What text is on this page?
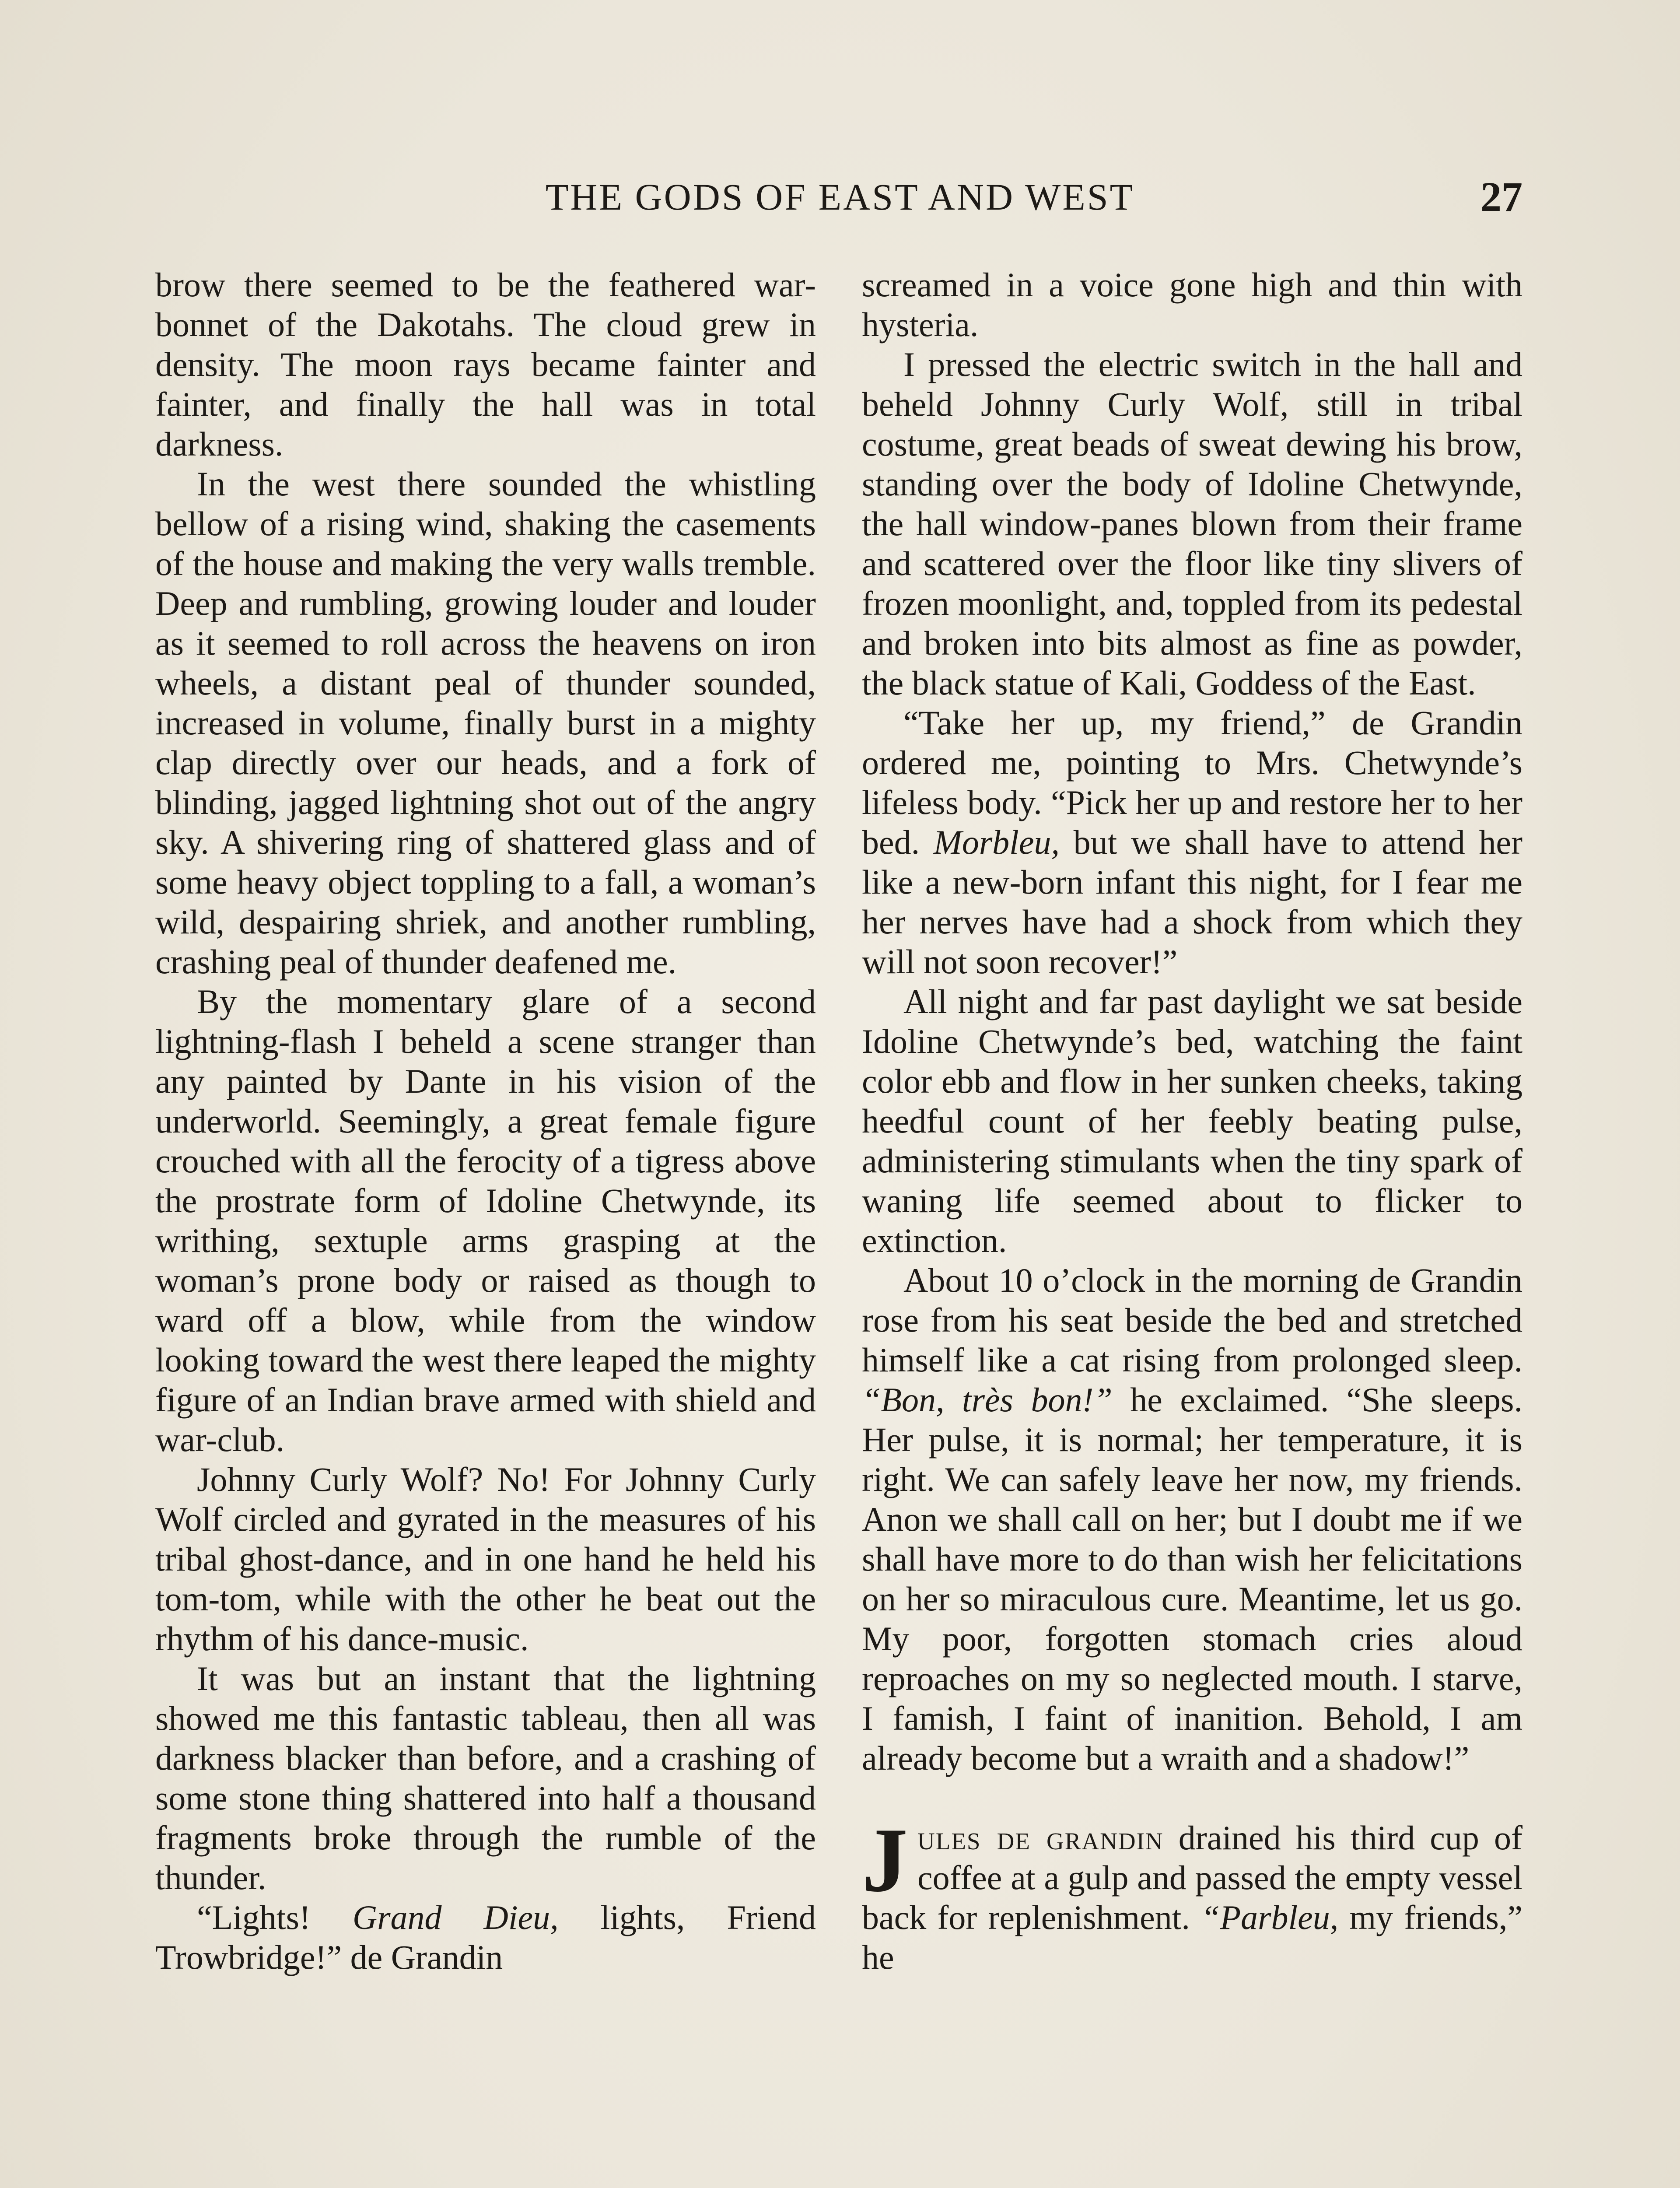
THE GODS OF EAST AND WEST	27

brow there seemed to be the feathered war-bonnet of the Dakotahs. The cloud grew in density. The moon rays became fainter and fainter, and finally the hall was in total darkness.

In the west there sounded the whistling bellow of a rising wind, shaking the casements of the house and making the very walls tremble. Deep and rumbling, growing louder and louder as it seemed to roll across the heavens on iron wheels, a distant peal of thunder sounded, increased in volume, finally burst in a mighty clap directly over our heads, and a fork of blinding, jagged lightning shot out of the angry sky. A shivering ring of shattered glass and of some heavy object toppling to a fall, a woman’s wild, despairing shriek, and another rumbling, crashing peal of thunder deafened me.

By the momentary glare of a second lightning-flash I beheld a scene stranger than any painted by Dante in his vision of the underworld. Seemingly, a great female figure crouched with all the ferocity of a tigress above the prostrate form of Idoline Chetwynde, its writhing, sextuple arms grasping at the woman’s prone body or raised as though to ward off a blow, while from the window looking toward the west there leaped the mighty figure of an Indian brave armed with shield and war-club.

Johnny Curly Wolf? No! For Johnny Curly Wolf circled and gyrated in the measures of his tribal ghost-dance, and in one hand he held his tom-tom, while with the other he beat out the rhythm of his dance-music.

It was but an instant that the lightning showed me this fantastic tableau, then all was darkness blacker than before, and a crashing of some stone thing shattered into half a thousand fragments broke through the rumble of the thunder.

“Lights! Grand Dieu, lights, Friend Trowbridge!” de Grandin

screamed in a voice gone high and thin with hysteria.

I pressed the electric switch in the hall and beheld Johnny Curly Wolf, still in tribal costume, great beads of sweat dewing his brow, standing over the body of Idoline Chetwynde, the hall window-panes blown from their frame and scattered over the floor like tiny slivers of frozen moonlight, and, toppled from its pedestal and broken into bits almost as fine as powder, the black statue of Kali, Goddess of the East.

“Take her up, my friend,” de Grandin ordered me, pointing to Mrs. Chetwynde’s lifeless body. “Pick her up and restore her to her bed. Morbleu, but we shall have to attend her like a new-born infant this night, for I fear me her nerves have had a shock from which they will not soon recover!”

All night and far past daylight we sat beside Idoline Chetwynde’s bed, watching the faint color ebb and flow in her sunken cheeks, taking heedful count of her feebly beating pulse, administering stimulants when the tiny spark of waning life seemed about to flicker to extinction.

About 10 o’clock in the morning de Grandin rose from his seat beside the bed and stretched himself like a cat rising from prolonged sleep. “Bon, très bon!” he exclaimed. “She sleeps. Her pulse, it is normal; her temperature, it is right. We can safely leave her now, my friends. Anon we shall call on her; but I doubt me if we shall have more to do than wish her felicitations on her so miraculous cure. Meantime, let us go. My poor, forgotten stomach cries aloud reproaches on my so neglected mouth. I starve, I famish, I faint of inanition. Behold, I am already become but a wraith and a shadow!”

Jules de grandin drained his third cup of coffee at a gulp and passed the empty vessel back for replenishment. “Parbleu, my friends,” he
